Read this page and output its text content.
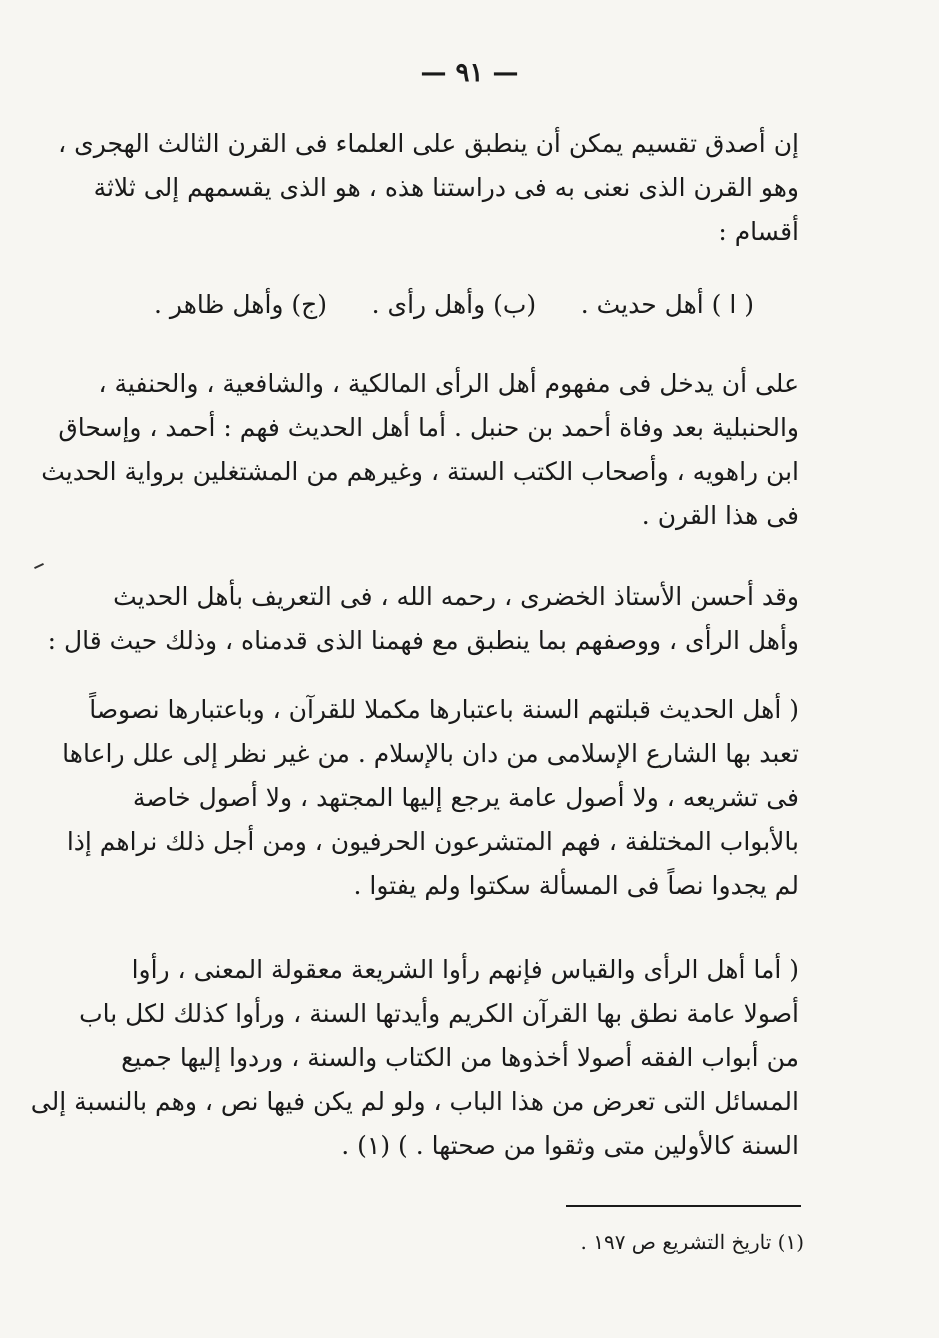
— ٩١ —
إن أصدق تقسيم يمكن أن ينطبق على العلماء فى القرن الثالث الهجرى ،
وهو القرن الذى نعنى به فى دراستنا هذه ، هو الذى يقسمهم إلى ثلاثة
أقسام :
( ا ) أهل حديث .
(ب) وأهل رأى .
(ج) وأهل ظاهر .
على أن يدخل فى مفهوم أهل الرأى المالكية ، والشافعية ، والحنفية ،
والحنبلية بعد وفاة أحمد بن حنبل . أما أهل الحديث فهم : أحمد ، وإسحاق
ابن راهويه ، وأصحاب الكتب الستة ، وغيرهم من المشتغلين برواية الحديث
فى هذا القرن .
وقد أحسن الأستاذ الخضرى ، رحمه الله ، فى التعريف بأهل الحديث
وأهل الرأى ، ووصفهم بما ينطبق مع فهمنا الذى قدمناه ، وذلك حيث قال :
( أهل الحديث قبلتهم السنة باعتبارها مكملا للقرآن ، وباعتبارها نصوصاً
تعبد بها الشارع الإسلامى من دان بالإسلام . من غير نظر إلى علل راعاها
فى تشريعه ، ولا أصول عامة يرجع إليها المجتهد ، ولا أصول خاصة
بالأبواب المختلفة ، فهم المتشرعون الحرفيون ، ومن أجل ذلك نراهم إذا
لم يجدوا نصاً فى المسألة سكتوا ولم يفتوا .
( أما أهل الرأى والقياس فإنهم رأوا الشريعة معقولة المعنى ، رأوا
أصولا عامة نطق بها القرآن الكريم وأيدتها السنة ، ورأوا كذلك لكل باب
من أبواب الفقه أصولا أخذوها من الكتاب والسنة ، وردوا إليها جميع
المسائل التى تعرض من هذا الباب ، ولو لم يكن فيها نص ، وهم بالنسبة إلى
السنة كالأولين متى وثقوا من صحتها . ) (١) .
(١) تاريخ التشريع ص ١٩٧ .
